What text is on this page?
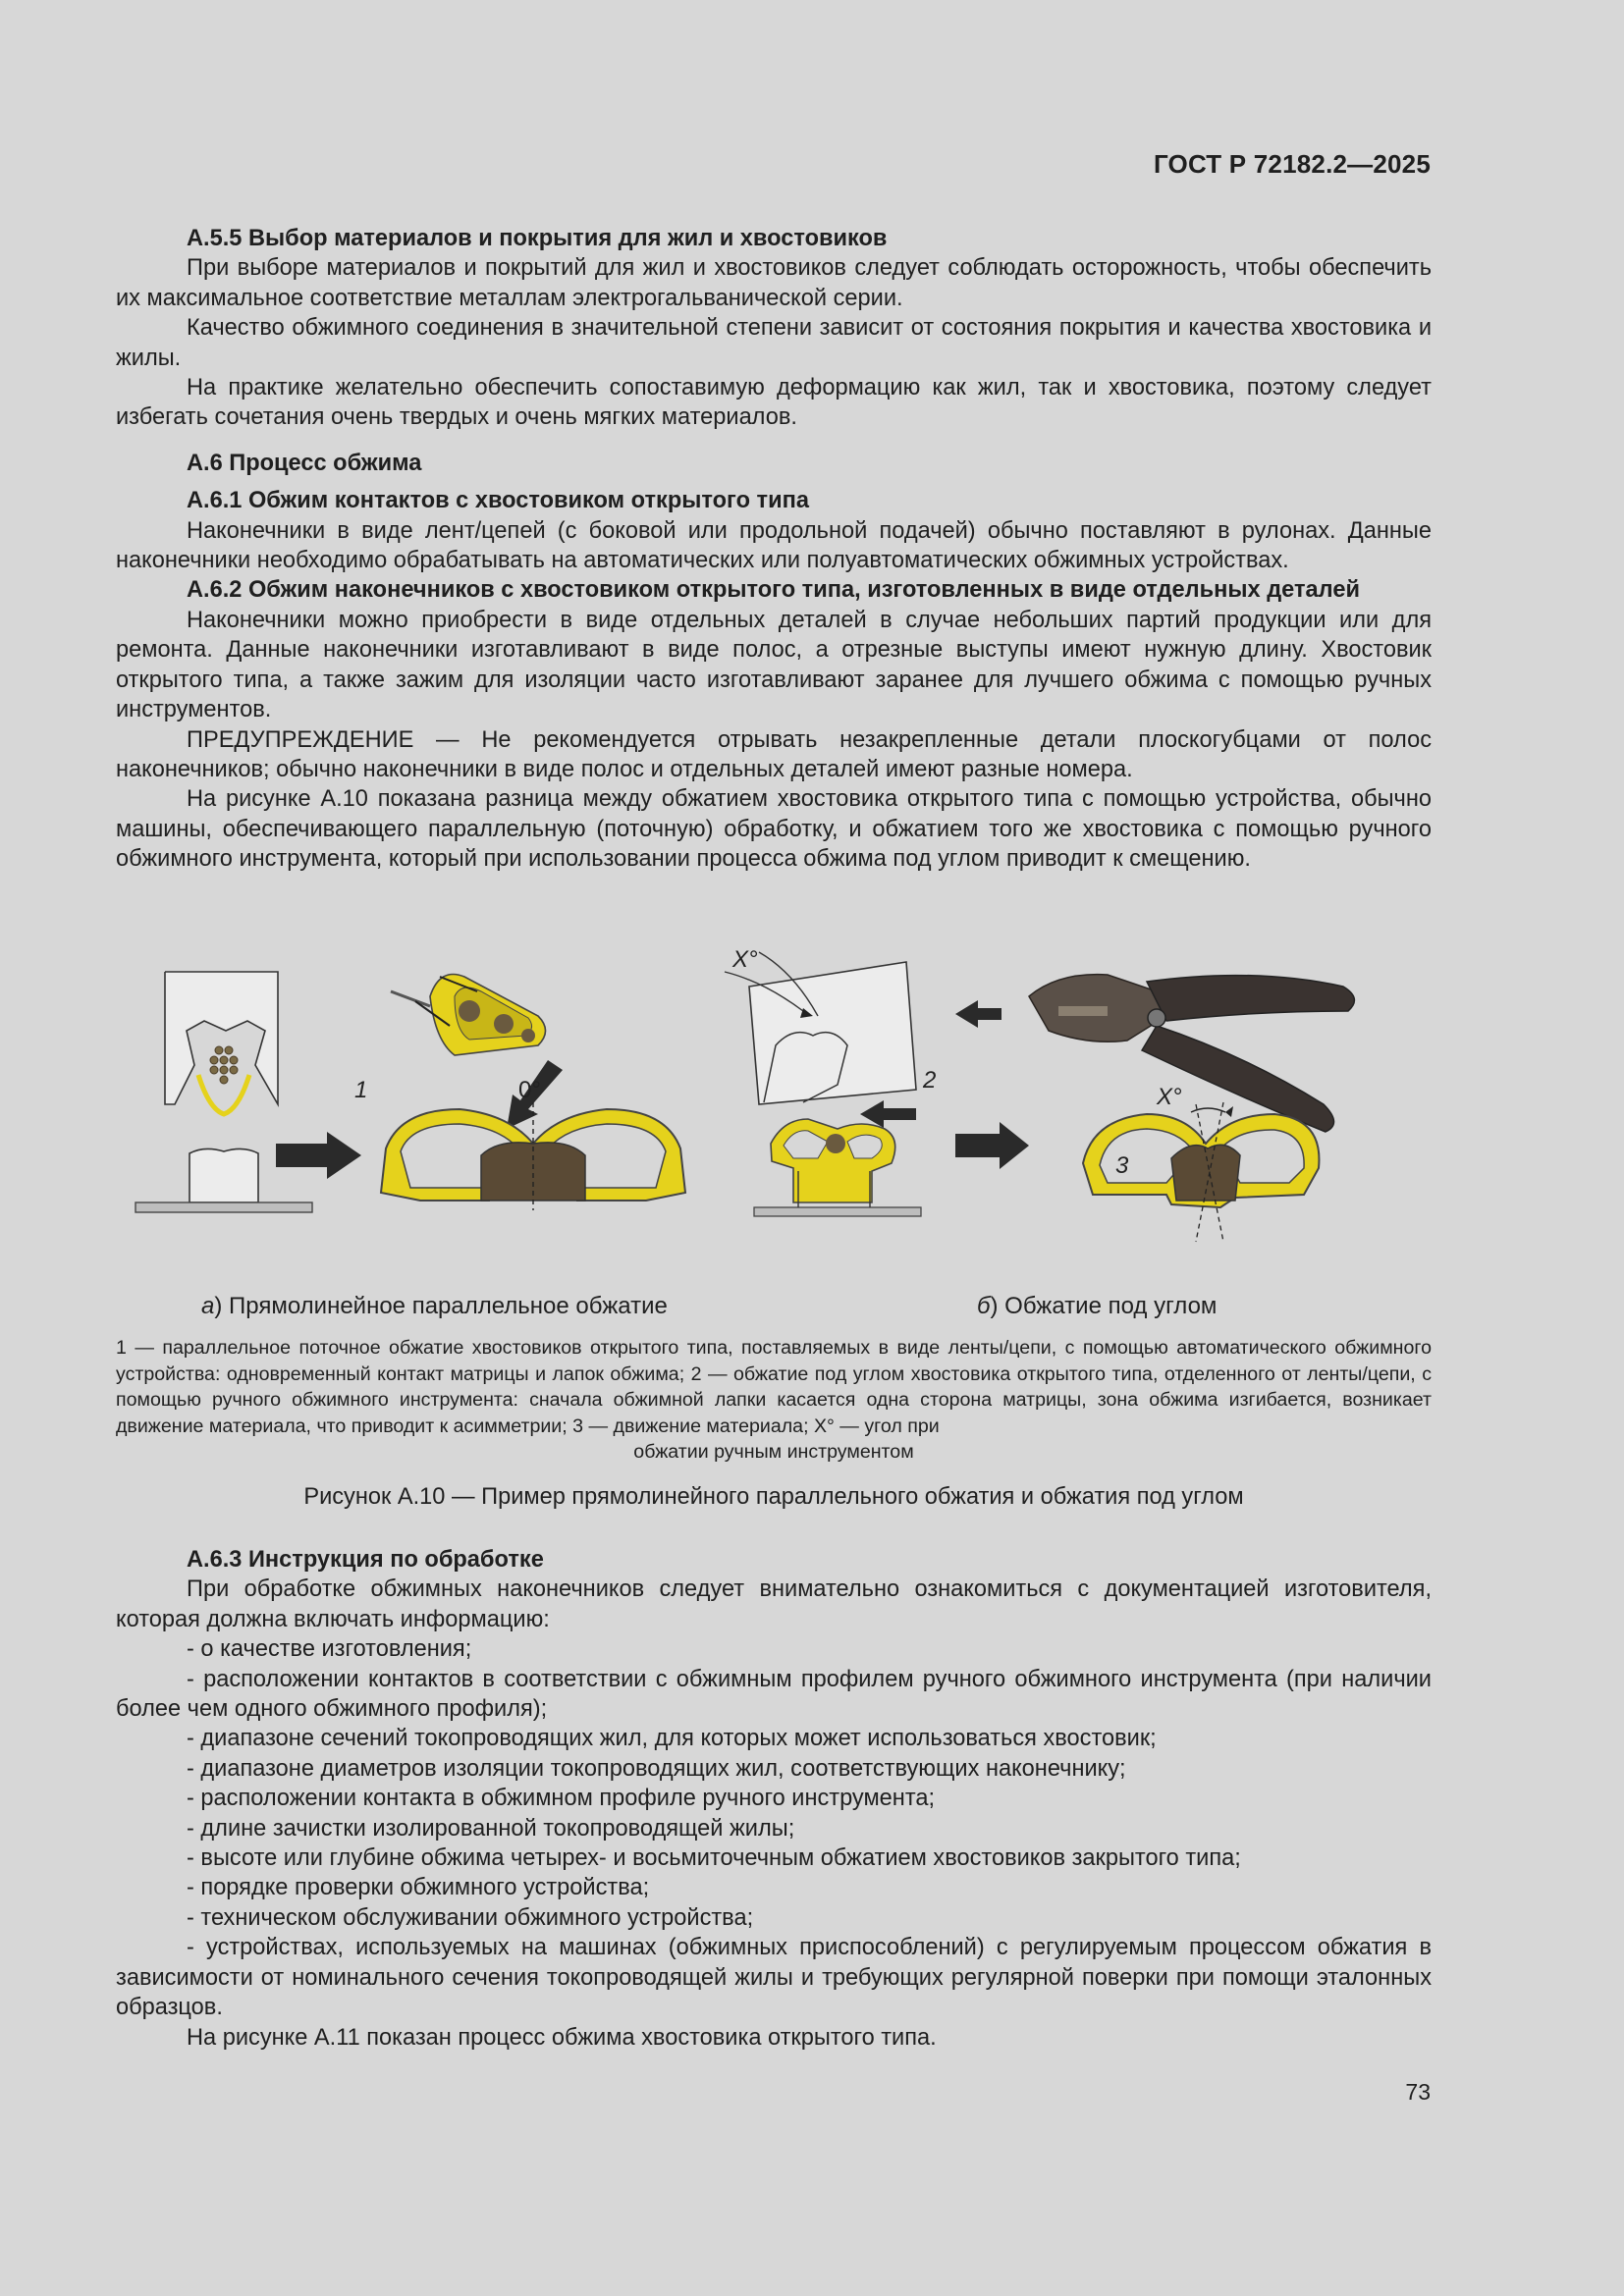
ГОСТ Р 72182.2—2025

А.5.5 Выбор материалов и покрытия для жил и хвостовиков

При выборе материалов и покрытий для жил и хвостовиков следует соблюдать осторожность, чтобы обеспечить их максимальное соответствие металлам электрогальванической серии.

Качество обжимного соединения в значительной степени зависит от состояния покрытия и качества хвостовика и жилы.

На практике желательно обеспечить сопоставимую деформацию как жил, так и хвостовика, поэтому следует избегать сочетания очень твердых и очень мягких материалов.

А.6 Процесс обжима

А.6.1 Обжим контактов с хвостовиком открытого типа

Наконечники в виде лент/цепей (с боковой или продольной подачей) обычно поставляют в рулонах. Данные наконечники необходимо обрабатывать на автоматических или полуавтоматических обжимных устройствах.

А.6.2 Обжим наконечников с хвостовиком открытого типа, изготовленных в виде отдельных деталей

Наконечники можно приобрести в виде отдельных деталей в случае небольших партий продукции или для ремонта. Данные наконечники изготавливают в виде полос, а отрезные выступы имеют нужную длину. Хвостовик открытого типа, а также зажим для изоляции часто изготавливают заранее для лучшего обжима с помощью ручных инструментов.

ПРЕДУПРЕЖДЕНИЕ — Не рекомендуется отрывать незакрепленные детали плоскогубцами от полос наконечников; обычно наконечники в виде полос и отдельных деталей имеют разные номера.

На рисунке А.10 показана разница между обжатием хвостовика открытого типа с помощью устройства, обычно машины, обеспечивающего параллельную (поточную) обработку, и обжатием того же хвостовика с помощью ручного обжимного инструмента, который при использовании процесса обжима под углом приводит к смещению.

1	0°
X°
2
X°
3
а) Прямолинейное параллельное обжатие	б) Обжатие под углом
1 — параллельное поточное обжатие хвостовиков открытого типа, поставляемых в виде ленты/цепи, с помощью автоматического обжимного устройства: одновременный контакт матрицы и лапок обжима; 2 — обжатие под углом хвостовика открытого типа, отделенного от ленты/цепи, с помощью ручного обжимного инструмента: сначала обжимной лапки касается одна сторона матрицы, зона обжима изгибается, возникает движение материала, что приводит к асимметрии; 3 — движение материала; X° — угол при
обжатии ручным инструментом
Рисунок А.10 — Пример прямолинейного параллельного обжатия и обжатия под углом

А.6.3 Инструкция по обработке

При обработке обжимных наконечников следует внимательно ознакомиться с документацией изготовителя, которая должна включать информацию:

- о качестве изготовления;

- расположении контактов в соответствии с обжимным профилем ручного обжимного инструмента (при наличии более чем одного обжимного профиля);

- диапазоне сечений токопроводящих жил, для которых может использоваться хвостовик;

- диапазоне диаметров изоляции токопроводящих жил, соответствующих наконечнику;

- расположении контакта в обжимном профиле ручного инструмента;

- длине зачистки изолированной токопроводящей жилы;

- высоте или глубине обжима четырех- и восьмиточечным обжатием хвостовиков закрытого типа;

- порядке проверки обжимного устройства;

- техническом обслуживании обжимного устройства;

- устройствах, используемых на машинах (обжимных приспособлений) с регулируемым процессом обжатия в зависимости от номинального сечения токопроводящей жилы и требующих регулярной поверки при помощи эталонных образцов.

На рисунке А.11 показан процесс обжима хвостовика открытого типа.

73
